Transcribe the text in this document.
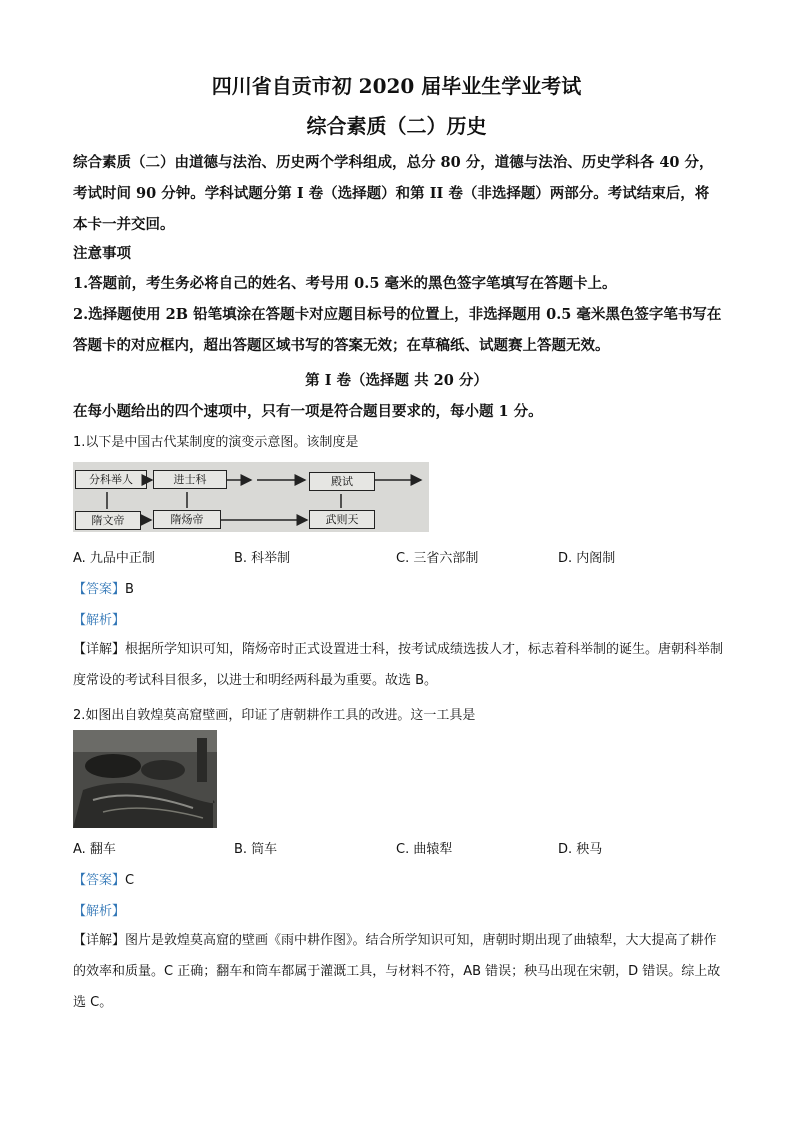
四川省自贡市初 2020 届毕业生学业考试
综合素质（二）历史
综合素质（二）由道德与法治、历史两个学科组成，总分 80 分，道德与法治、历史学科各 40 分，考试时间 90 分钟。学科试题分第 I 卷（选择题）和第 II 卷（非选择题）两部分。考试结束后，将本卡一并交回。
注意事项
1.答题前，考生务必将自己的姓名、考号用 0.5 毫米的黑色签字笔填写在答题卡上。
2.选择题使用 2B 铅笔填涂在答题卡对应题目标号的位置上，非选择题用 0.5 毫米黑色签字笔书写在答题卡的对应框内，超出答题区域书写的答案无效；在草稿纸、试题赛上答题无效。
第 I 卷（选择题 共 20 分）
在每小题给出的四个速项中，只有一项是符合题目要求的，每小题 1 分。
1.以下是中国古代某制度的演变示意图。该制度是
分科举人	进士科	殿试
隋文帝	隋炀帝	武则天
A. 九品中正制	B. 科举制	C. 三省六部制	D. 内阁制
【答案】B
【解析】
【详解】根据所学知识可知，隋炀帝时正式设置进士科，按考试成绩选拔人才，标志着科举制的诞生。唐朝科举制度常设的考试科目很多，以进士和明经两科最为重要。故选 B。
2.如图出自敦煌莫高窟壁画，印证了唐朝耕作工具的改进。这一工具是
A. 翻车	B. 筒车	C. 曲辕犁	D. 秧马
【答案】C
【解析】
【详解】图片是敦煌莫高窟的壁画《雨中耕作图》。结合所学知识可知，唐朝时期出现了曲辕犁，大大提高了耕作的效率和质量。C 正确；翻车和筒车都属于灌溉工具，与材料不符，AB 错误；秧马出现在宋朝，D 错误。综上故选 C。
